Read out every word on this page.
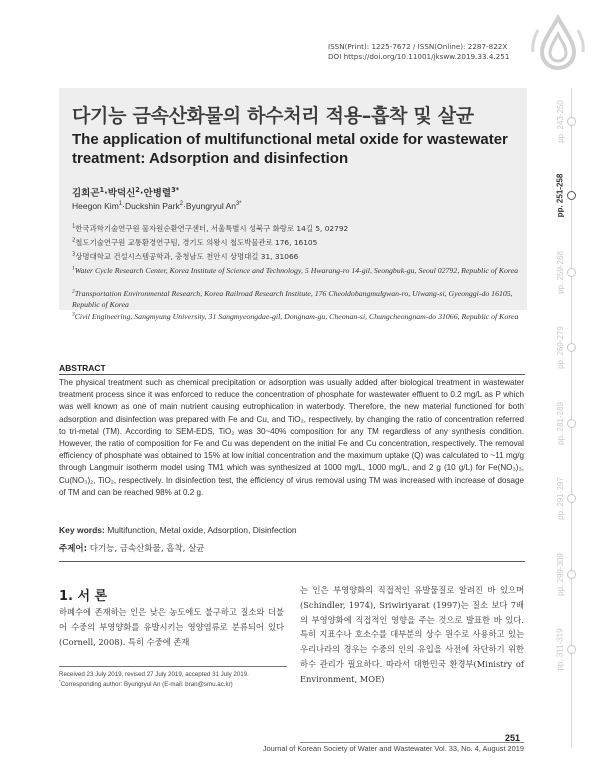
ISSN(Print): 1225-7672 / ISSN(Online): 2287-822X
DOI https://doi.org/10.11001/jksww.2019.33.4.251
다기능 금속산화물의 하수처리 적용–흡착 및 살균
The application of multifunctional metal oxide for wastewater treatment: Adsorption and disinfection
김희곤$^1$·박덕신$^2$·안병렬$^{3*}$
Heegon Kim$^1$·Duckshin Park$^2$·Byungryul $An^{3*}$
$^1$한국과학기술연구원 물자원순환연구센터, 서울특별시 성북구 화랑로 14길 5, 02792
$^2$철도기술연구원 교통환경연구팀, 경기도 의왕시 철도박물관로 176, 16105
$^3$상명대학교 건설시스템공학과, 충청남도 천안시 상명대길 31, 31066
$^1$Water Cycle Research Center, Korea Institute of Science and Technology, 5 Hwarang-ro 14-gil, Seongbuk-gu, Seoul 02792, Republic of Korea
$^2$Transportation Environmental Research, Korea Railroad Research Institute, 176 Cheoldobangmulgwan-ro, Uiwang-si, Gyeonggi-do 16105, Republic of Korea
$^3$Civil Engineering, Sangmyung University, 31 Sangmyeongdae-gil, Dongnam-gu, Cheonan-si, Chungcheongnam-do 31066, Republic of Korea
ABSTRACT
The physical treatment such as chemical precipitation or adsorption was usually added after biological treatment in wastewater treatment process since it was enforced to reduce the concentration of phosphate for wastewater effluent to 0.2 mg/L as P which was well known as one of main nutrient causing eutrophication in waterbody. Therefore, the new material functioned for both adsorption and disinfection was prepared with Fe and Cu, and TiO₂, respectively, by changing the ratio of concentration referred to tri-metal (TM). According to SEM-EDS, TiO₂ was 30~40% composition for any TM regardless of any synthesis condition. However, the ratio of composition for Fe and Cu was dependent on the initial Fe and Cu concentration, respectively. The removal efficiency of phosphate was obtained to 15% at low initial concentration and the maximum uptake (Q) was calculated to ~11 mg/g through Langmuir isotherm model using TM1 which was synthesized at 1000 mg/L, 1000 mg/L, and 2 g (10 g/L) for Fe(NO₃)₃, Cu(NO₃)₂, TiO₂, respectively. In disinfection test, the efficiency of virus removal using TM was increased with increase of dosage of TM and can be reached 98% at 0.2 g.
Key words: Multifunction, Metal oxide, Adsorption, Disinfection
주제어: 다기능, 금속산화물, 흡착, 살균
1. 서 론
하폐수에 존재하는 인은 낮은 농도에도 불구하고 질소와 더불어 수중의 부영양화를 유발시키는 영양염류로 분류되어 있다 (Cornell, 2008). 특히 수중에 존재
는 인은 부영양화의 직접적인 유발물질로 알려진 바 있으며(Schindler, 1974), Sriwiriyarat (1997)는 질소 보다 7배의 부영양화에 직접적인 영향을 주는 것으로 발표한 바 있다. 특히 지표수나 호소수를 대부분의 상수 원수로 사용하고 있는 우리나라의 경우는 수중의 인의 유입을 사전에 차단하기 위한 하수 관리가 필요하다. 따라서 대한민국 환경부(Ministry of Environment, MOE)
Received 23 July 2019, revised 27 July 2019, accepted 31 July 2019.
*Corresponding author: Byungryul An (E-mail: bran@smu.ac.kr)
251
Journal of Korean Society of Water and Wastewater Vol. 33, No. 4, August 2019
pp. 243-250
pp. 251-258
pp. 259-268
pp. 269-279
pp. 281-289
pp. 291-297
pp. 299-309
pp. 311-319
